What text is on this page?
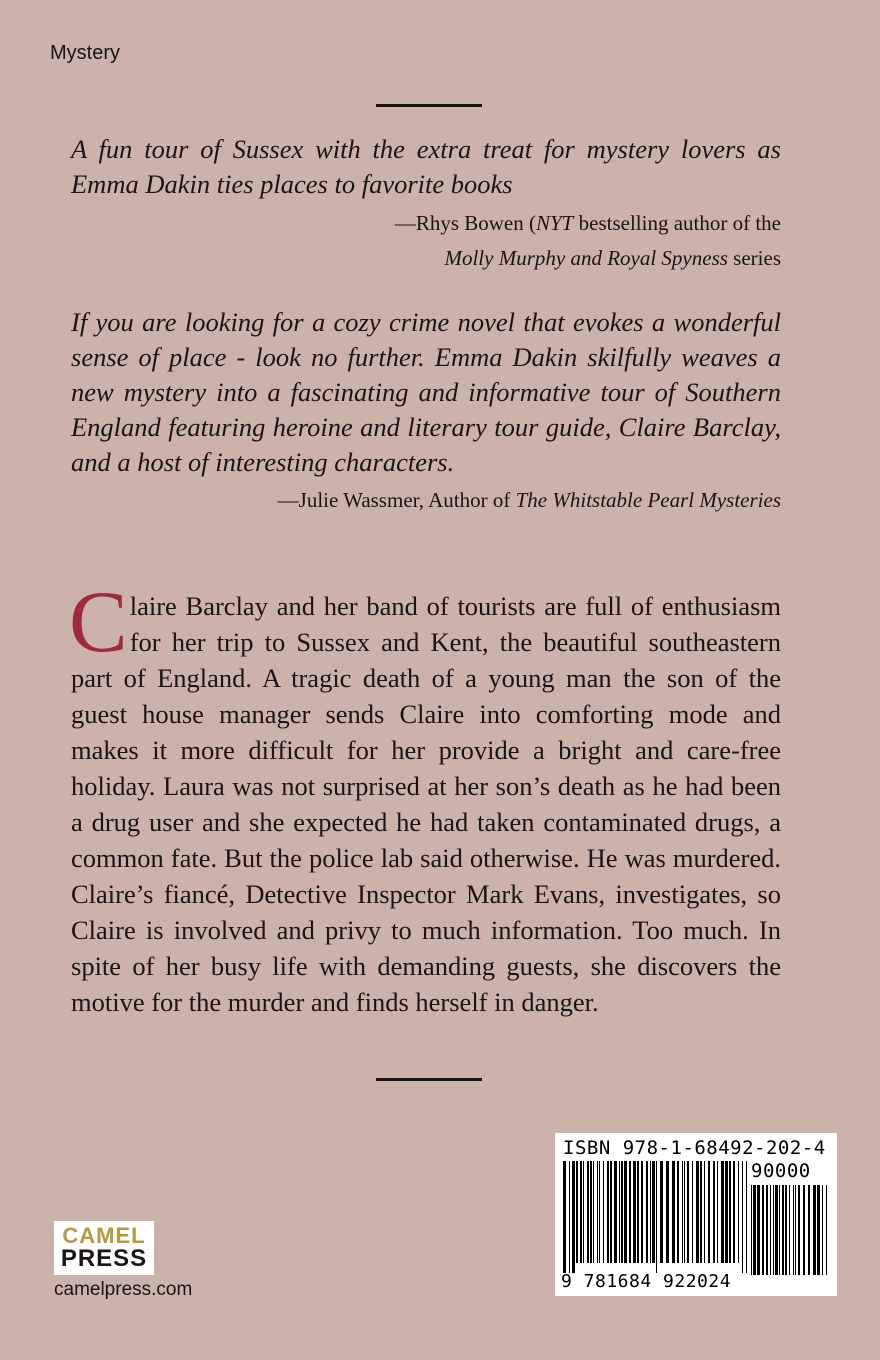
Mystery

A fun tour of Sussex with the extra treat for mystery lovers as Emma Dakin ties places to favorite books

—Rhys Bowen (NYT bestselling author of the
Molly Murphy and Royal Spyness series

If you are looking for a cozy crime novel that evokes a wonderful sense of place - look no further. Emma Dakin skilfully weaves a new mystery into a fascinating and informative tour of Southern England featuring heroine and literary tour guide, Claire Barclay, and a host of interesting characters.

—Julie Wassmer, Author of The Whitstable Pearl Mysteries

Claire Barclay and her band of tourists are full of enthusiasm for her trip to Sussex and Kent, the beautiful southeastern part of England. A tragic death of a young man the son of the guest house manager sends Claire into comforting mode and makes it more difficult for her provide a bright and care-free holiday. Laura was not surprised at her son’s death as he had been a drug user and she expected he had taken contaminated drugs, a common fate. But the police lab said otherwise. He was murdered. Claire’s fiancé, Detective Inspector Mark Evans, investigates, so Claire is involved and privy to much information. Too much. In spite of her busy life with demanding guests, she discovers the motive for the murder and finds herself in danger.

CAMEL
PRESS
camelpress.com
ISBN 978-1-68492-202-4
90000
9 781684 922024
